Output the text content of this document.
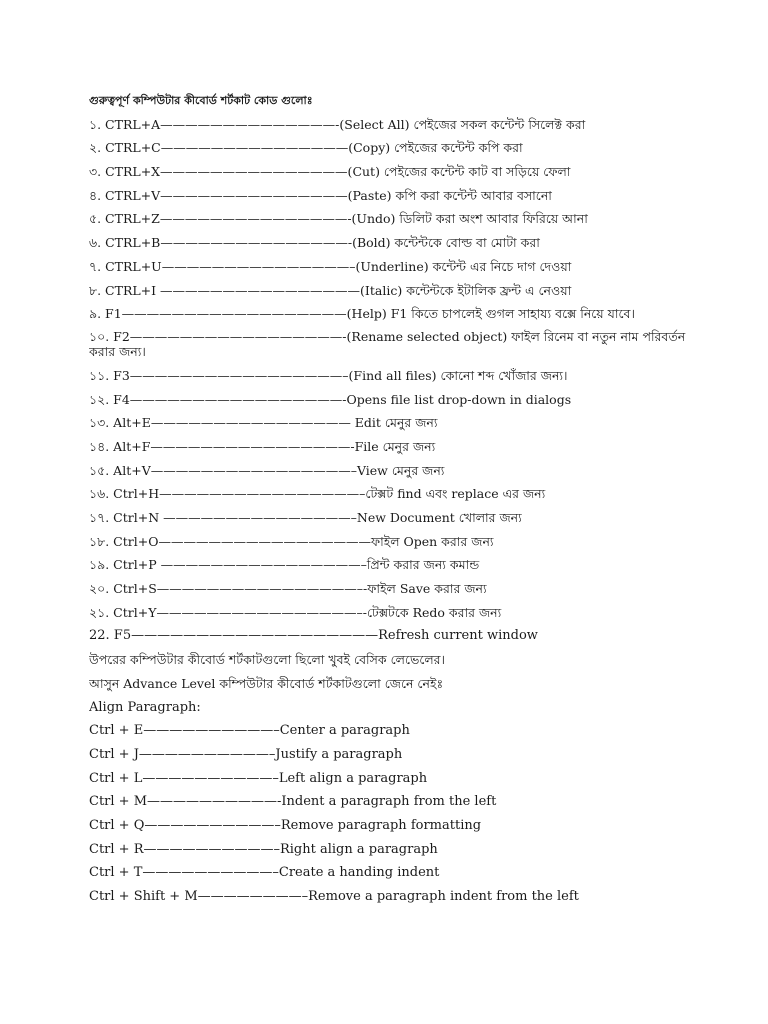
গুরুত্বপূর্ণ কম্পিউটার কীবোর্ড শর্টকাট কোড গুলোঃ
১. CTRL+A——————————————-(Select All) পেইজের সকল কন্টেন্ট সিলেক্ট করা
২. CTRL+C———————————————(Copy) পেইজের কন্টেন্ট কপি করা
৩. CTRL+X———————————————(Cut) পেইজের কন্টেন্ট কাট বা সড়িয়ে ফেলা
৪. CTRL+V———————————————(Paste) কপি করা কন্টেন্ট আবার বসানো
৫. CTRL+Z———————————————-(Undo) ডিলিট করা অংশ আবার ফিরিয়ে আনা
৬. CTRL+B———————————————-(Bold) কন্টেন্টকে বোল্ড বা মোটা করা
৭. CTRL+U———————————————–(Underline) কন্টেন্ট এর নিচে দাগ দেওয়া
৮. CTRL+I ————————————————(Italic) কন্টেন্টকে ইটালিক ফ্রন্ট এ নেওয়া
৯. F1——————————————————(Help) F1 কিতে চাপলেই গুগল সাহায্য বক্সে নিয়ে যাবে।
১০. F2—————————————————-(Rename selected object) ফাইল রিনেম বা নতুন নাম পরিবর্তন করার জন্য।
১১. F3—————————————————–(Find all files) কোনো শব্দ খোঁজার জন্য।
১২. F4—————————————————-Opens file list drop-down in dialogs
১৩. Alt+E———————————————— Edit মেনুর জন্য
১৪. Alt+F————————————————-File মেনুর জন্য
১৫. Alt+V————————————————–View মেনুর জন্য
১৬. Ctrl+H————————————————–টেক্সট find এবং replace এর জন্য
১৭. Ctrl+N ———————————————–New Document খোলার জন্য
১৮. Ctrl+O—————————————————ফাইল Open করার জন্য
১৯. Ctrl+P ————————————————–প্রিন্ট করার জন্য কমান্ড
২০. Ctrl+S————————————————–-ফাইল Save করার জন্য
২১. Ctrl+Y————————————————–-টেক্সটকে Redo করার জন্য
22. F5———————————————————Refresh current window
উপরের কম্পিউটার কীবোর্ড শর্টকাটগুলো ছিলো খুবই বেসিক লেভেলের।
আসুন Advance Level কম্পিউটার কীবোর্ড শর্টকাটগুলো জেনে নেইঃ
Align Paragraph:
Ctrl + E——————————–Center a paragraph
Ctrl + J——————————–Justify a paragraph
Ctrl + L——————————–Left align a paragraph
Ctrl + M——————————-Indent a paragraph from the left
Ctrl + Q——————————–Remove paragraph formatting
Ctrl + R——————————–Right align a paragraph
Ctrl + T——————————–Create a handing indent
Ctrl + Shift + M————————–Remove a paragraph indent from the left
